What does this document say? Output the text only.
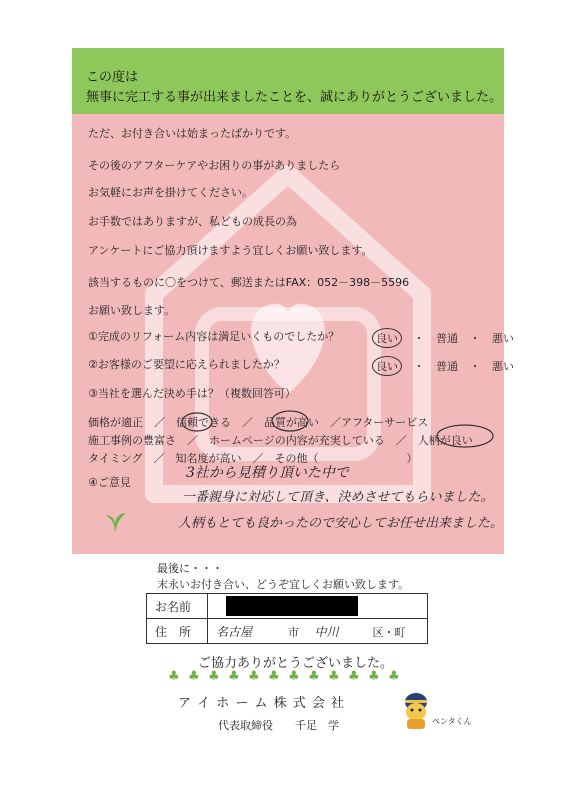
この度は
無事に完工する事が出来ましたことを、誠にありがとうございました。
ただ、お付き合いは始まったばかりです。
その後のアフターケアやお困りの事がありましたら
お気軽にお声を掛けてください。
お手数ではありますが、私どもの成長の為
アンケートにご協力頂けますよう宜しくお願い致します。
該当するものに〇をつけて、郵送またはFAX：052－398－5596
お願い致します。
①完成のリフォーム内容は満足いくものでしたか？	良い ・ 普通 ・ 悪い
②お客様のご要望に応えられましたか？	良い ・ 普通 ・ 悪い
③当社を選んだ決め手は？（複数回答可）
価格が適正　／　信頼できる　／　品質が高い　／アフターサービス
施工事例の豊富さ　／　ホームページの内容が充実している　／　人柄が良い
タイミング　／　知名度が高い　／　その他（　　　　　　　　）
④ご意見
3社から見積り頂いた中で
一番親身に対応して頂き、決めさせてもらいました。
人柄もとても良かったので安心してお任せ出来ました。
最後に・・・
末永いお付き合い、どうぞ宜しくお願い致します。
お名前	

住　所	名古屋 市 中川 区・町
ご協力ありがとうございました。
♣ ♣ ♣ ♣ ♣ ♣ ♣ ♣ ♣ ♣ ♣ ♣
ア イ ホ ー ム 株 式 会 社
代表取締役　　千足　学	ペンタくん
